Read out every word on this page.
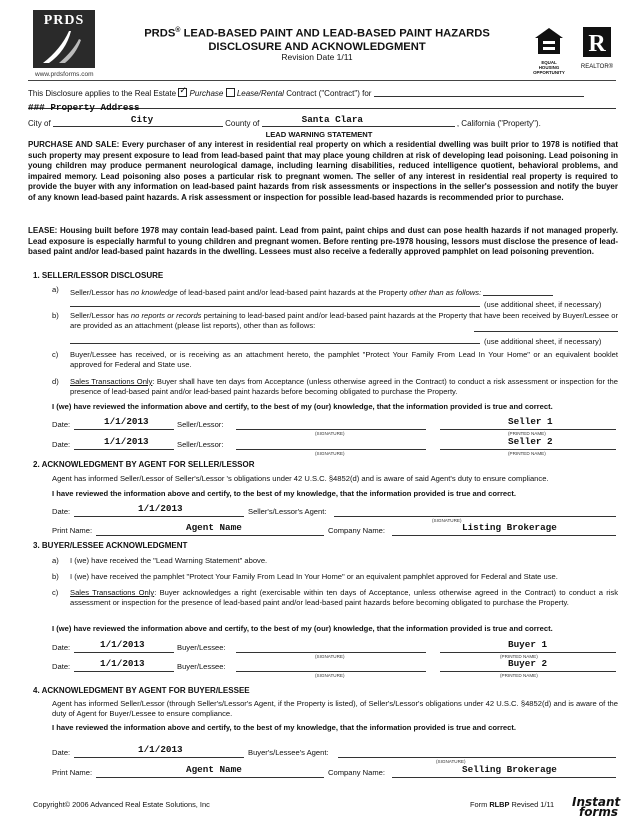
PRDS
www.prdsforms.com
PRDS® LEAD-BASED PAINT AND LEAD-BASED PAINT HAZARDS
DISCLOSURE AND ACKNOWLEDGMENT
Revision Date 1/11
EQUAL HOUSING OPPORTUNITY
R
REALTOR®
This Disclosure applies to the Real Estate ✓ Purchase Lease/Rental Contract ("Contract") for
### Property Address
City of	City	County of	Santa Clara	, California ("Property").
LEAD WARNING STATEMENT
PURCHASE AND SALE: Every purchaser of any interest in residential real property on which a residential dwelling was built prior to 1978 is notified that such property may present exposure to lead from lead-based paint that may place young children at risk of developing lead poisoning. Lead poisoning in young children may produce permanent neurological damage, including learning disabilities, reduced intelligence quotient, behavioral problems, and impaired memory. Lead poisoning also poses a particular risk to pregnant women. The seller of any interest in residential real property is required to provide the buyer with any information on lead-based paint hazards from risk assessments or inspections in the seller's possession and notify the buyer of any known lead-based paint hazards. A risk assessment or inspection for possible lead-based hazards is recommended prior to purchase.
LEASE: Housing built before 1978 may contain lead-based paint. Lead from paint, paint chips and dust can pose health hazards if not managed properly. Lead exposure is especially harmful to young children and pregnant women. Before renting pre-1978 housing, lessors must disclose the presence of lead-based paint and/or lead-based paint hazards in the dwelling. Lessees must also receive a federally approved pamphlet on lead poisoning prevention.
1. SELLER/LESSOR DISCLOSURE
a) Seller/Lessor has no knowledge of lead-based paint and/or lead-based paint hazards at the Property other than as follows:
(use additional sheet, if necessary)
b) Seller/Lessor has no reports or records pertaining to lead-based paint and/or lead-based paint hazards at the Property that have been received by Buyer/Lessee or are provided as an attachment (please list reports), other than as follows:
(use additional sheet, if necessary)
c) Buyer/Lessee has received, or is receiving as an attachment hereto, the pamphlet "Protect Your Family From Lead In Your Home" or an equivalent booklet approved for Federal and State use.
d) Sales Transactions Only: Buyer shall have ten days from Acceptance (unless otherwise agreed in the Contract) to conduct a risk assessment or inspection for the presence of lead-based paint and/or lead-based paint hazards before becoming obligated to purchase the Property.
I (we) have reviewed the information above and certify, to the best of my (our) knowledge, that the information provided is true and correct.
Date:	1/1/2013	Seller/Lessor:
(SIGNATURE)
Seller 1
(PRINTED NAME)
Date:	1/1/2013	Seller/Lessor:
(SIGNATURE)
Seller 2
(PRINTED NAME)
2. ACKNOWLEDGMENT BY AGENT FOR SELLER/LESSOR
Agent has informed Seller/Lessor of Seller's/Lessor 's obligations under 42 U.S.C. §4852(d) and is aware of said Agent's duty to ensure compliance.
I have reviewed the information above and certify, to the best of my knowledge, that the information provided is true and correct.
Date:	1/1/2013	Seller's/Lessor's Agent:
(SIGNATURE)
Print Name:	Agent Name	Company Name:	Listing Brokerage
3. BUYER/LESSEE ACKNOWLEDGMENT
a) I (we) have received the "Lead Warning Statement" above.
b) I (we) have received the pamphlet "Protect Your Family From Lead In Your Home" or an equivalent pamphlet approved for Federal and State use.
c) Sales Transactions Only: Buyer acknowledges a right (exercisable within ten days of Acceptance, unless otherwise agreed in the Contract) to conduct a risk assessment or inspection for the presence of lead-based paint and/or lead-based paint hazards before becoming obligated to purchase the Property.
I (we) have reviewed the information above and certify, to the best of my (our) knowledge, that the information provided is true and correct.
Date:	1/1/2013	Buyer/Lessee:
(SIGNATURE)
Buyer 1
(PRINTED NAME)
Date:	1/1/2013	Buyer/Lessee:
(SIGNATURE)
Buyer 2
(PRINTED NAME)
4. ACKNOWLEDGMENT BY AGENT FOR BUYER/LESSEE
Agent has informed Seller/Lessor (through Seller's/Lessor's Agent, if the Property is listed), of Seller's/Lessor's obligations under 42 U.S.C. §4852(d) and is aware of the duty of Agent for Buyer/Lessee to ensure compliance.
I have reviewed the information above and certify, to the best of my knowledge, that the information provided is true and correct.
Date:	1/1/2013	Buyer's/Lessee's Agent:
(SIGNATURE)
Print Name:	Agent Name	Company Name:	Selling Brokerage
Copyright© 2006 Advanced Real Estate Solutions, Inc	Form RLBP Revised 1/11 Instant
forms
